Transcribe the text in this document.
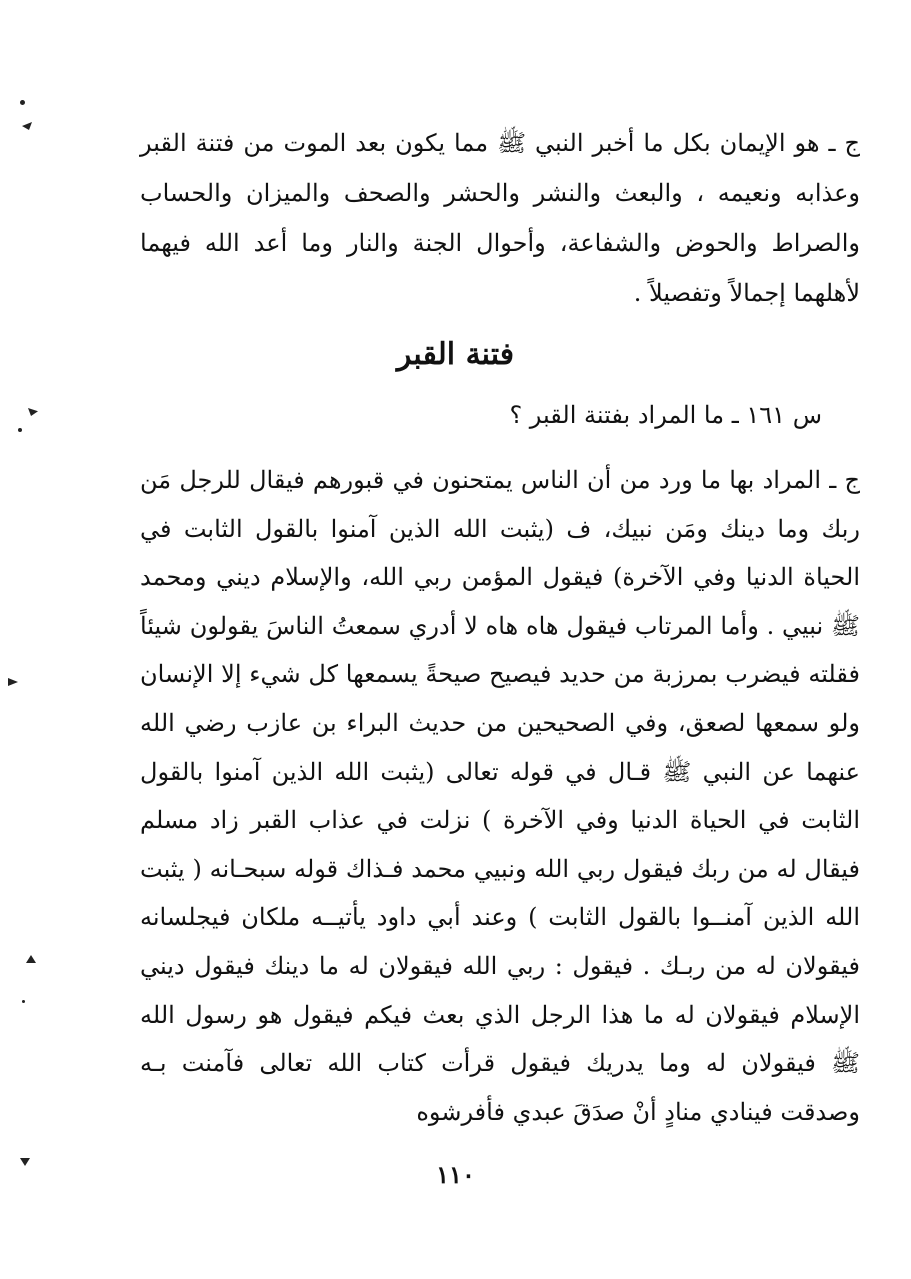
ج ـ هو الإيمان بكل ما أخبر النبي ﷺ مما يكون بعد الموت من فتنة القبر وعذابه ونعيمه ، والبعث والنشر والحشر والصحف والميزان والحساب والصراط والحوض والشفاعة، وأحوال الجنة والنار وما أعد الله فيهما لأهلهما إجمالاً وتفصيلاً .

فتنة القبر

س ١٦١ ـ ما المراد بفتنة القبر ؟

ج ـ المراد بها ما ورد من أن الناس يمتحنون في قبورهم فيقال للرجل مَن ربك وما دينك ومَن نبيك، ف (يثبت الله الذين آمنوا بالقول الثابت في الحياة الدنيا وفي الآخرة) فيقول المؤمن ربي الله، والإسلام ديني ومحمد ﷺ نبيي . وأما المرتاب فيقول هاه هاه لا أدري سمعتُ الناسَ يقولون شيئاً فقلته فيضرب بمرزبة من حديد فيصيح صيحةً يسمعها كل شيء إلا الإنسان ولو سمعها لصعق، وفي الصحيحين من حديث البراء بن عازب رضي الله عنهما عن النبي ﷺ قـال في قوله تعالى (يثبت الله الذين آمنوا بالقول الثابت في الحياة الدنيا وفي الآخرة ) نزلت في عذاب القبر زاد مسلم فيقال له من ربك فيقول ربي الله ونبيي محمد فـذاك قوله سبحـانه ( يثبت الله الذين آمنــوا بالقول الثابت ) وعند أبي داود يأتيــه ملكان فيجلسانه فيقولان له من ربـك . فيقول : ربي الله فيقولان له ما دينك فيقول ديني الإسلام فيقولان له ما هذا الرجل الذي بعث فيكم فيقول هو رسول الله ﷺ فيقولان له وما يدريك فيقول قرأت كتاب الله تعالى فآمنت بـه وصدقت فينادي منادٍ أنْ صدَقَ عبدي فأفرشوه

١١٠
